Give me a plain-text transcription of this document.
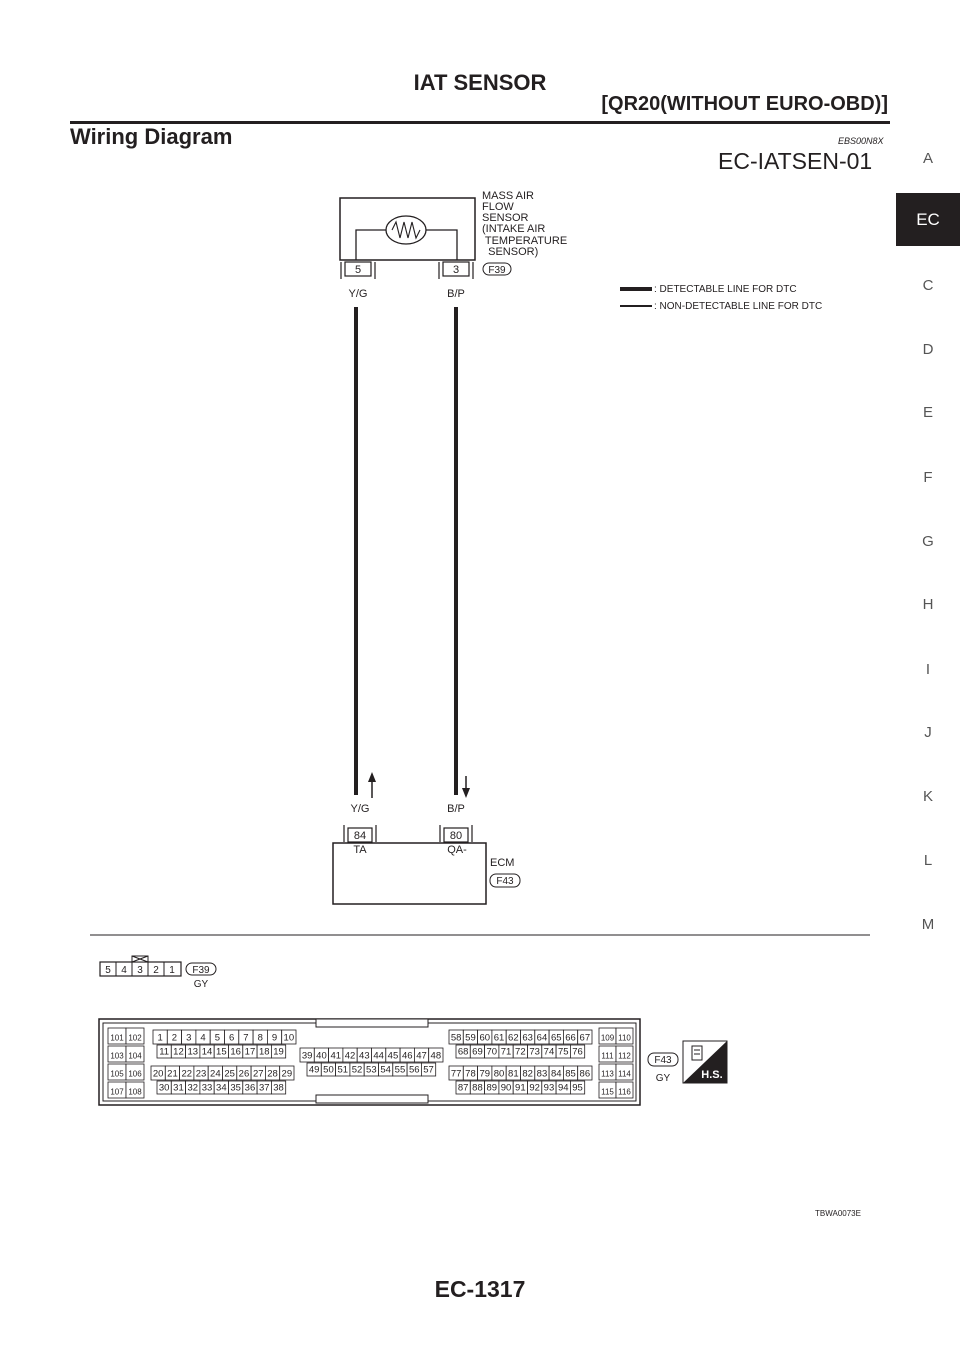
IAT SENSOR
[QR20(WITHOUT EURO-OBD)]
Wiring Diagram	EBS00N8X
EC-IATSEN-01	A
EC
C
D
E
F
G
H
I
J
K
L
M
MASS AIR
FLOW
SENSOR
(INTAKE AIR
TEMPERATURE
SENSOR)
5	3	F39
Y/G	B/P
Y/G	B/P
: DETECTABLE LINE FOR DTC
: NON-DETECTABLE LINE FOR DTC
84	80
TA	QA-
ECM
F43
5 4 3 2 1 F39
GY
101 102
103 104
105 106
107 108
1 2 3 4 5 6 7 8 9 10
11 12 13 14 15 16 17 18 19
20 21 22 23 24 25 26 27 28 29
30 31 32 33 34 35 36 37 38
39 40 41 42 43 44 45 46 47 48
49 50 51 52 53 54 55 56 57
58 59 60 61 62 63 64 65 66 67
68 69 70 71 72 73 74 75 76
77 78 79 80 81 82 83 84 85 86
87 88 89 90 91 92 93 94 95
109 110
111 112
113 114
115 116
F43
GY	H.S.
TBWA0073E
EC-1317
